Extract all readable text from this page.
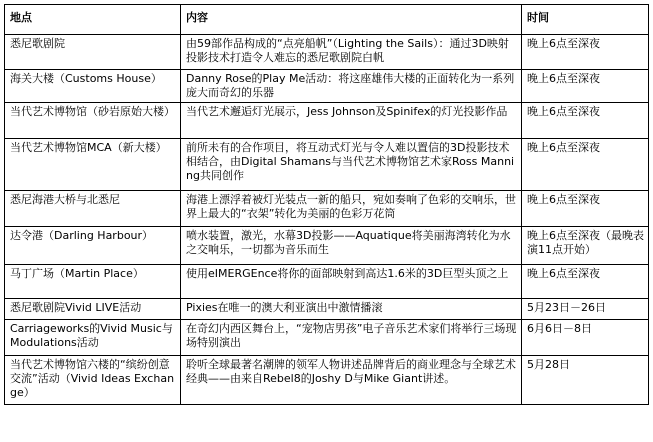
地点	内容	时间
悉尼歌剧院	由59部作品构成的“点亮船帆”（Lighting the Sails）：通过3D映射投影技术打造令人难忘的悉尼歌剧院白帆	晚上6点至深夜
海关大楼（Customs House）	Danny Rose的Play Me活动：将这座雄伟大楼的正面转化为一系列庞大而奇幻的乐器	晚上6点至深夜
当代艺术博物馆（砂岩原始大楼）	当代艺术邂逅灯光展示，Jess Johnson及Spinifex的灯光投影作品	晚上6点至深夜
当代艺术博物馆MCA（新大楼）	前所未有的合作项目，将互动式灯光与令人难以置信的3D投影技术相结合，由Digital Shamans与当代艺术博物馆艺术家Ross Manning共同创作	晚上6点至深夜
悉尼海港大桥与北悉尼	海港上漂浮着被灯光装点一新的船只，宛如奏响了色彩的交响乐，世界上最大的“衣架”转化为美丽的色彩万花筒	晚上6点至深夜
达令港（Darling Harbour）	喷水装置，激光，水幕3D投影——Aquatique将美丽海湾转化为水之交响乐，一切都为音乐而生	晚上6点至深夜（最晚表演11点开始）
马丁广场（Martin Place）	使用eIMERGEnce将你的面部映射到高达1.6米的3D巨型头顶之上	晚上6点至深夜
悉尼歌剧院Vivid LIVE活动	Pixies在唯一的澳大利亚演出中激情播滚	5月23日－26日
Carriageworks的Vivid Music与Modulations活动	在奇幻内西区舞台上，“宠物店男孩”电子音乐艺术家们将举行三场现场特别演出	6月6日－8日
当代艺术博物馆六楼的“缤纷创意交流”活动（Vivid Ideas Exchange）	聆听全球最著名潮牌的领军人物讲述品牌背后的商业理念与全球艺术经典——由来自Rebel8的Joshy D与Mike Giant讲述。	5月28日
